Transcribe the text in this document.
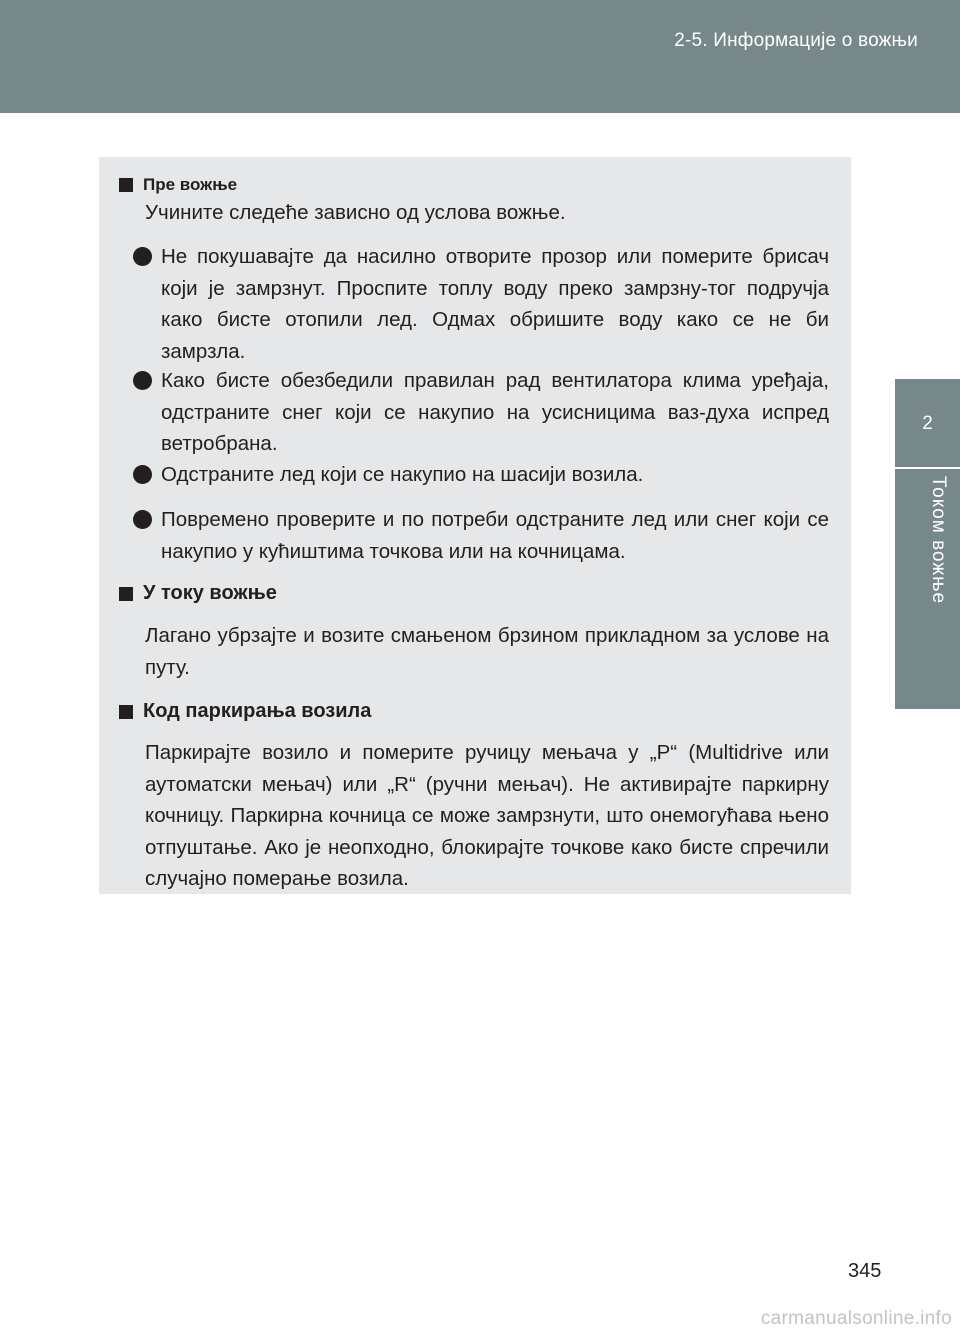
2-5. Информације о вожњи
2
Током вожње
Пре вожње
Учините следеће зависно од услова вожње.
Не покушавајте да насилно отворите прозор или померите брисач који је замрзнут. Проспите топлу воду преко замрзну-тог подручја како бисте отопили лед. Одмах обришите воду како се не би замрзла.
Како бисте обезбедили правилан рад вентилатора клима уређаја, одстраните снег који се накупио на усисницима ваз-духа испред ветробрана.
Одстраните лед који се накупио на шасији возила.
Повремено проверите и по потреби одстраните лед или снег који се накупио у кућиштима точкова или на кочницама.
У току вожње
Лагано убрзајте и возите смањеном брзином прикладном за услове на путу.
Код паркирања возила
Паркирајте возило и померите ручицу мењача у „P“ (Multidrive или аутоматски мењач) или „R“ (ручни мењач). Не активирајте паркирну кочницу. Паркирна кочница се може замрзнути, што онемогућава њено отпуштање. Ако је неопходно, блокирајте точкове како бисте спречили случајно померање возила.
345
carmanualsonline.info
